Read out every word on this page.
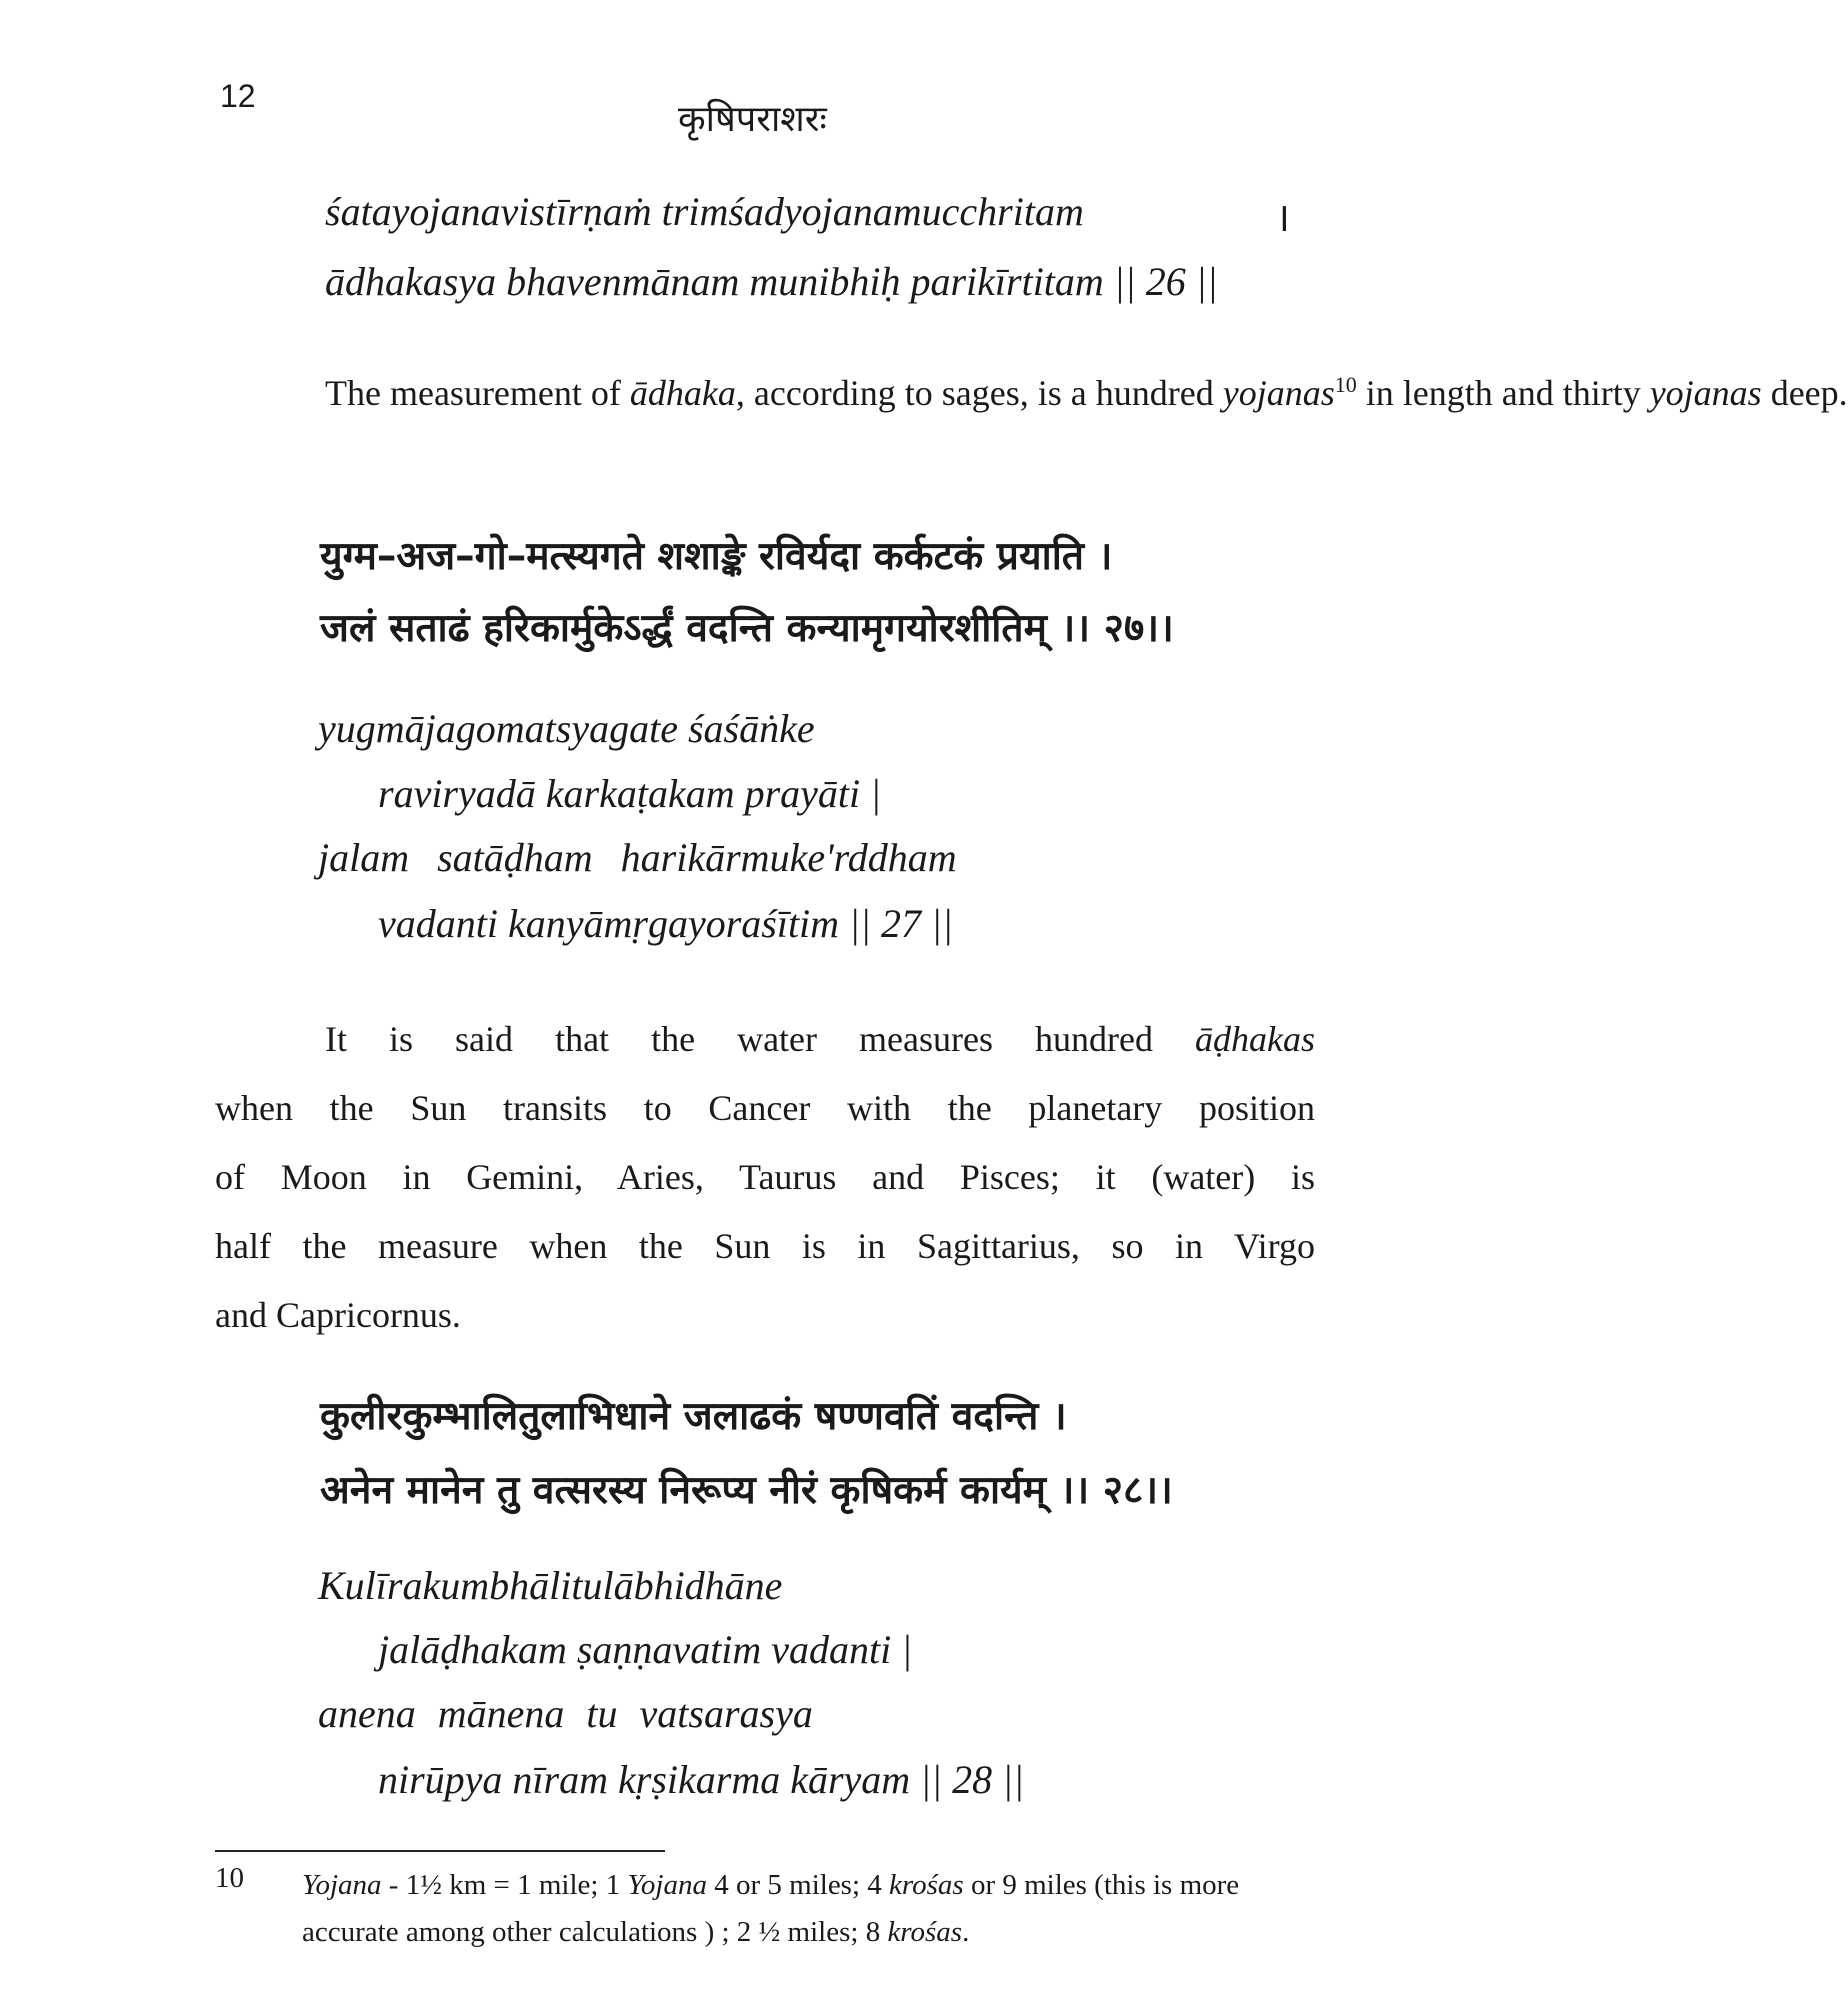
12
कृषिपराशरः
śatayojanavistīrṇaṁ trimśadyojanamucchritam	।
ādhakasya bhavenmānam munibhiḥ parikīrtitam || 26 ||

The measurement of ādhaka, according to sages, is a hundred yojanas$^{10}$ in length and thirty yojanas deep.

युग्म–अज–गो–मत्स्यगते शशाङ्के रविर्यदा कर्कटकं प्रयाति ।
जलं सताढं हरिकार्मुकेऽर्द्धं वदन्ति कन्यामृगयोरशीतिम् ।। २७।।
yugmājagomatsyagate śaśāṅke
raviryadā karkaṭakam prayāti |
jalam satāḍham harikārmuke'rddham
vadanti kanyāmṛgayoraśītim || 27 ||

It is said that the water measures hundred āḍhakas

when the Sun transits to Cancer with the planetary position

of Moon in Gemini, Aries, Taurus and Pisces; it (water) is

half the measure when the Sun is in Sagittarius, so in Virgo

and Capricornus.

कुलीरकुम्भालितुलाभिधाने जलाढकं षण्णवतिं वदन्ति ।
अनेन मानेन तु वत्सरस्य निरूप्य नीरं कृषिकर्म कार्यम् ।। २८।।
Kulīrakumbhālitulābhidhāne
jalāḍhakam ṣaṇṇavatim vadanti |
anena mānena tu vatsarasya
nirūpya nīram kṛṣikarma kāryam || 28 ||
10 Yojana - 1½ km = 1 mile; 1 Yojana 4 or 5 miles; 4 krośas or 9 miles (this is more accurate among other calculations ) ; 2 ½ miles; 8 krośas.
